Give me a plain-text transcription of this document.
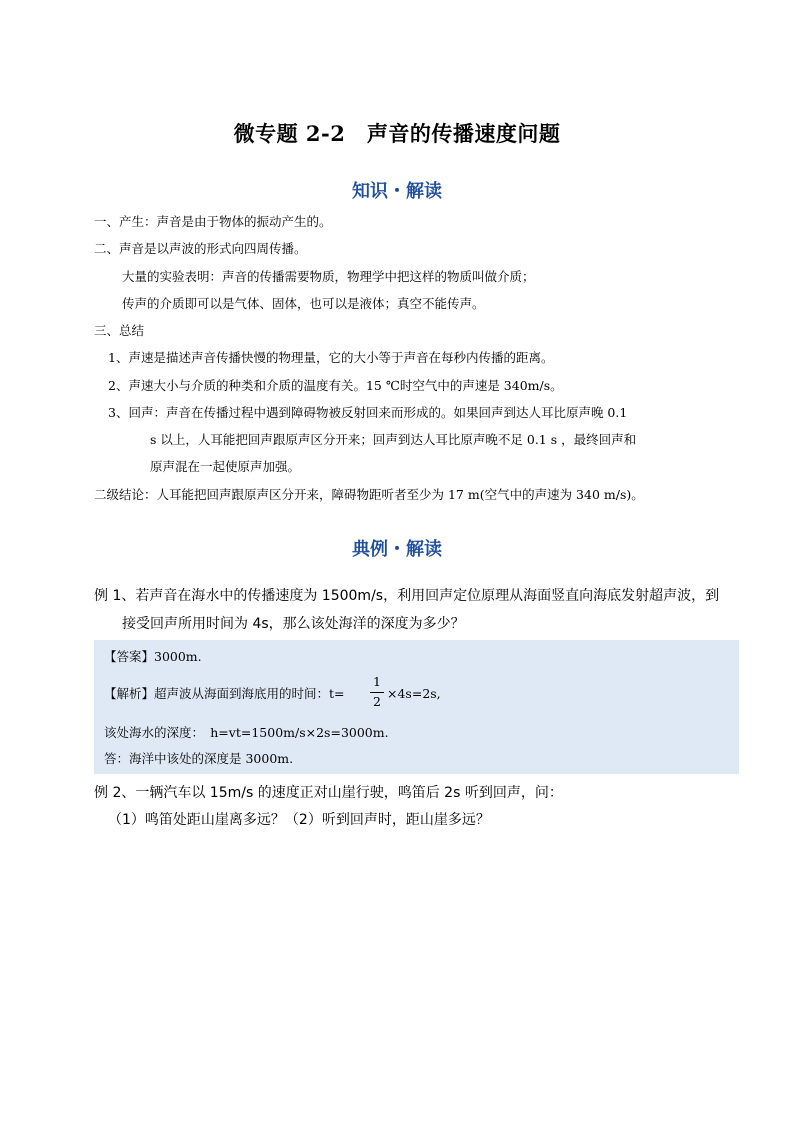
微专题 2-2　声音的传播速度问题
知识・解读
一、产生：声音是由于物体的振动产生的。
二、声音是以声波的形式向四周传播。
大量的实验表明：声音的传播需要物质，物理学中把这样的物质叫做介质；
传声的介质即可以是气体、固体，也可以是液体；真空不能传声。
三、总结
1、声速是描述声音传播快慢的物理量，它的大小等于声音在每秒内传播的距离。
2、声速大小与介质的种类和介质的温度有关。15 ℃时空气中的声速是 340m/s。
3、回声：声音在传播过程中遇到障碍物被反射回来而形成的。如果回声到达人耳比原声晚 0.1
s 以上，人耳能把回声跟原声区分开来；回声到达人耳比原声晚不足 0.1 s ，最终回声和
原声混在一起使原声加强。
二级结论：人耳能把回声跟原声区分开来，障碍物距听者至少为 17 m(空气中的声速为 340 m/s)。
典例・解读
例 1、若声音在海水中的传播速度为 1500m/s，利用回声定位原理从海面竖直向海底发射超声波，到
接受回声所用时间为 4s，那么该处海洋的深度为多少？
【答案】3000m.
【解析】超声波从海面到海底用的时间：t=
1
2 ×4s=2s,
该处海水的深度：　h=vt=1500m/s×2s=3000m.
答：海洋中该处的深度是 3000m.
例 2、一辆汽车以 15m/s 的速度正对山崖行驶，鸣笛后 2s 听到回声，问：
（1）鸣笛处距山崖离多远？（2）听到回声时，距山崖多远？
